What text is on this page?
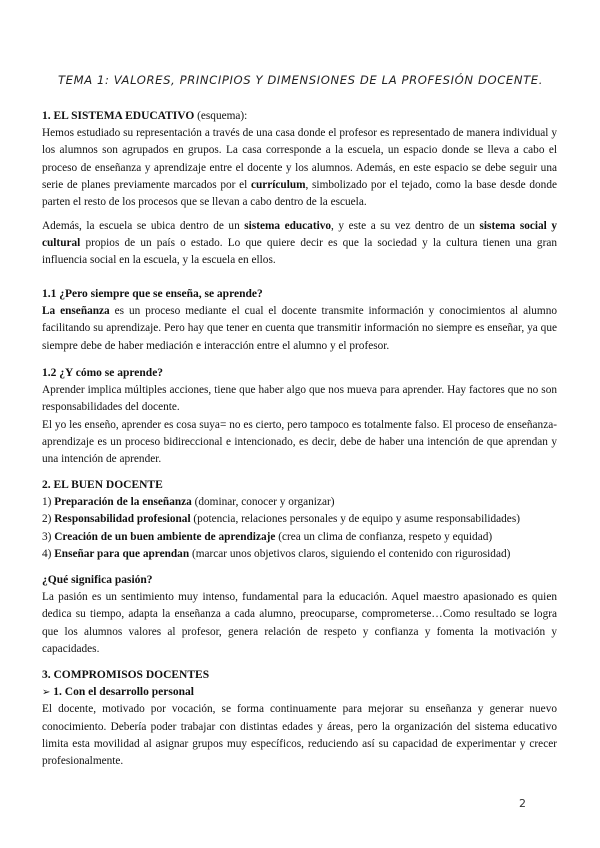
TEMA 1: VALORES, PRINCIPIOS Y DIMENSIONES DE LA PROFESIÓN DOCENTE.

1. EL SISTEMA EDUCATIVO (esquema):

Hemos estudiado su representación a través de una casa donde el profesor es representado de manera individual y los alumnos son agrupados en grupos. La casa corresponde a la escuela, un espacio donde se lleva a cabo el proceso de enseñanza y aprendizaje entre el docente y los alumnos. Además, en este espacio se debe seguir una serie de planes previamente marcados por el currículum, simbolizado por el tejado, como la base desde donde parten el resto de los procesos que se llevan a cabo dentro de la escuela.

Además, la escuela se ubica dentro de un sistema educativo, y este a su vez dentro de un sistema social y cultural propios de un país o estado. Lo que quiere decir es que la sociedad y la cultura tienen una gran influencia social en la escuela, y la escuela en ellos.

1.1 ¿Pero siempre que se enseña, se aprende?

La enseñanza es un proceso mediante el cual el docente transmite información y conocimientos al alumno facilitando su aprendizaje. Pero hay que tener en cuenta que transmitir información no siempre es enseñar, ya que siempre debe de haber mediación e interacción entre el alumno y el profesor.

1.2 ¿Y cómo se aprende?

Aprender implica múltiples acciones, tiene que haber algo que nos mueva para aprender. Hay factores que no son responsabilidades del docente.

El yo les enseño, aprender es cosa suya= no es cierto, pero tampoco es totalmente falso. El proceso de enseñanza-aprendizaje es un proceso bidireccional e intencionado, es decir, debe de haber una intención de que aprendan y una intención de aprender.

2. EL BUEN DOCENTE

1) Preparación de la enseñanza (dominar, conocer y organizar)

2) Responsabilidad profesional (potencia, relaciones personales y de equipo y asume responsabilidades)

3) Creación de un buen ambiente de aprendizaje (crea un clima de confianza, respeto y equidad)

4) Enseñar para que aprendan (marcar unos objetivos claros, siguiendo el contenido con rigurosidad)

¿Qué significa pasión?

La pasión es un sentimiento muy intenso, fundamental para la educación. Aquel maestro apasionado es quien dedica su tiempo, adapta la enseñanza a cada alumno, preocuparse, comprometerse…Como resultado se logra que los alumnos valores al profesor, genera relación de respeto y confianza y fomenta la motivación y capacidades.

3. COMPROMISOS DOCENTES

➢ 1. Con el desarrollo personal

El docente, motivado por vocación, se forma continuamente para mejorar su enseñanza y generar nuevo conocimiento. Debería poder trabajar con distintas edades y áreas, pero la organización del sistema educativo limita esta movilidad al asignar grupos muy específicos, reduciendo así su capacidad de experimentar y crecer profesionalmente.

2
